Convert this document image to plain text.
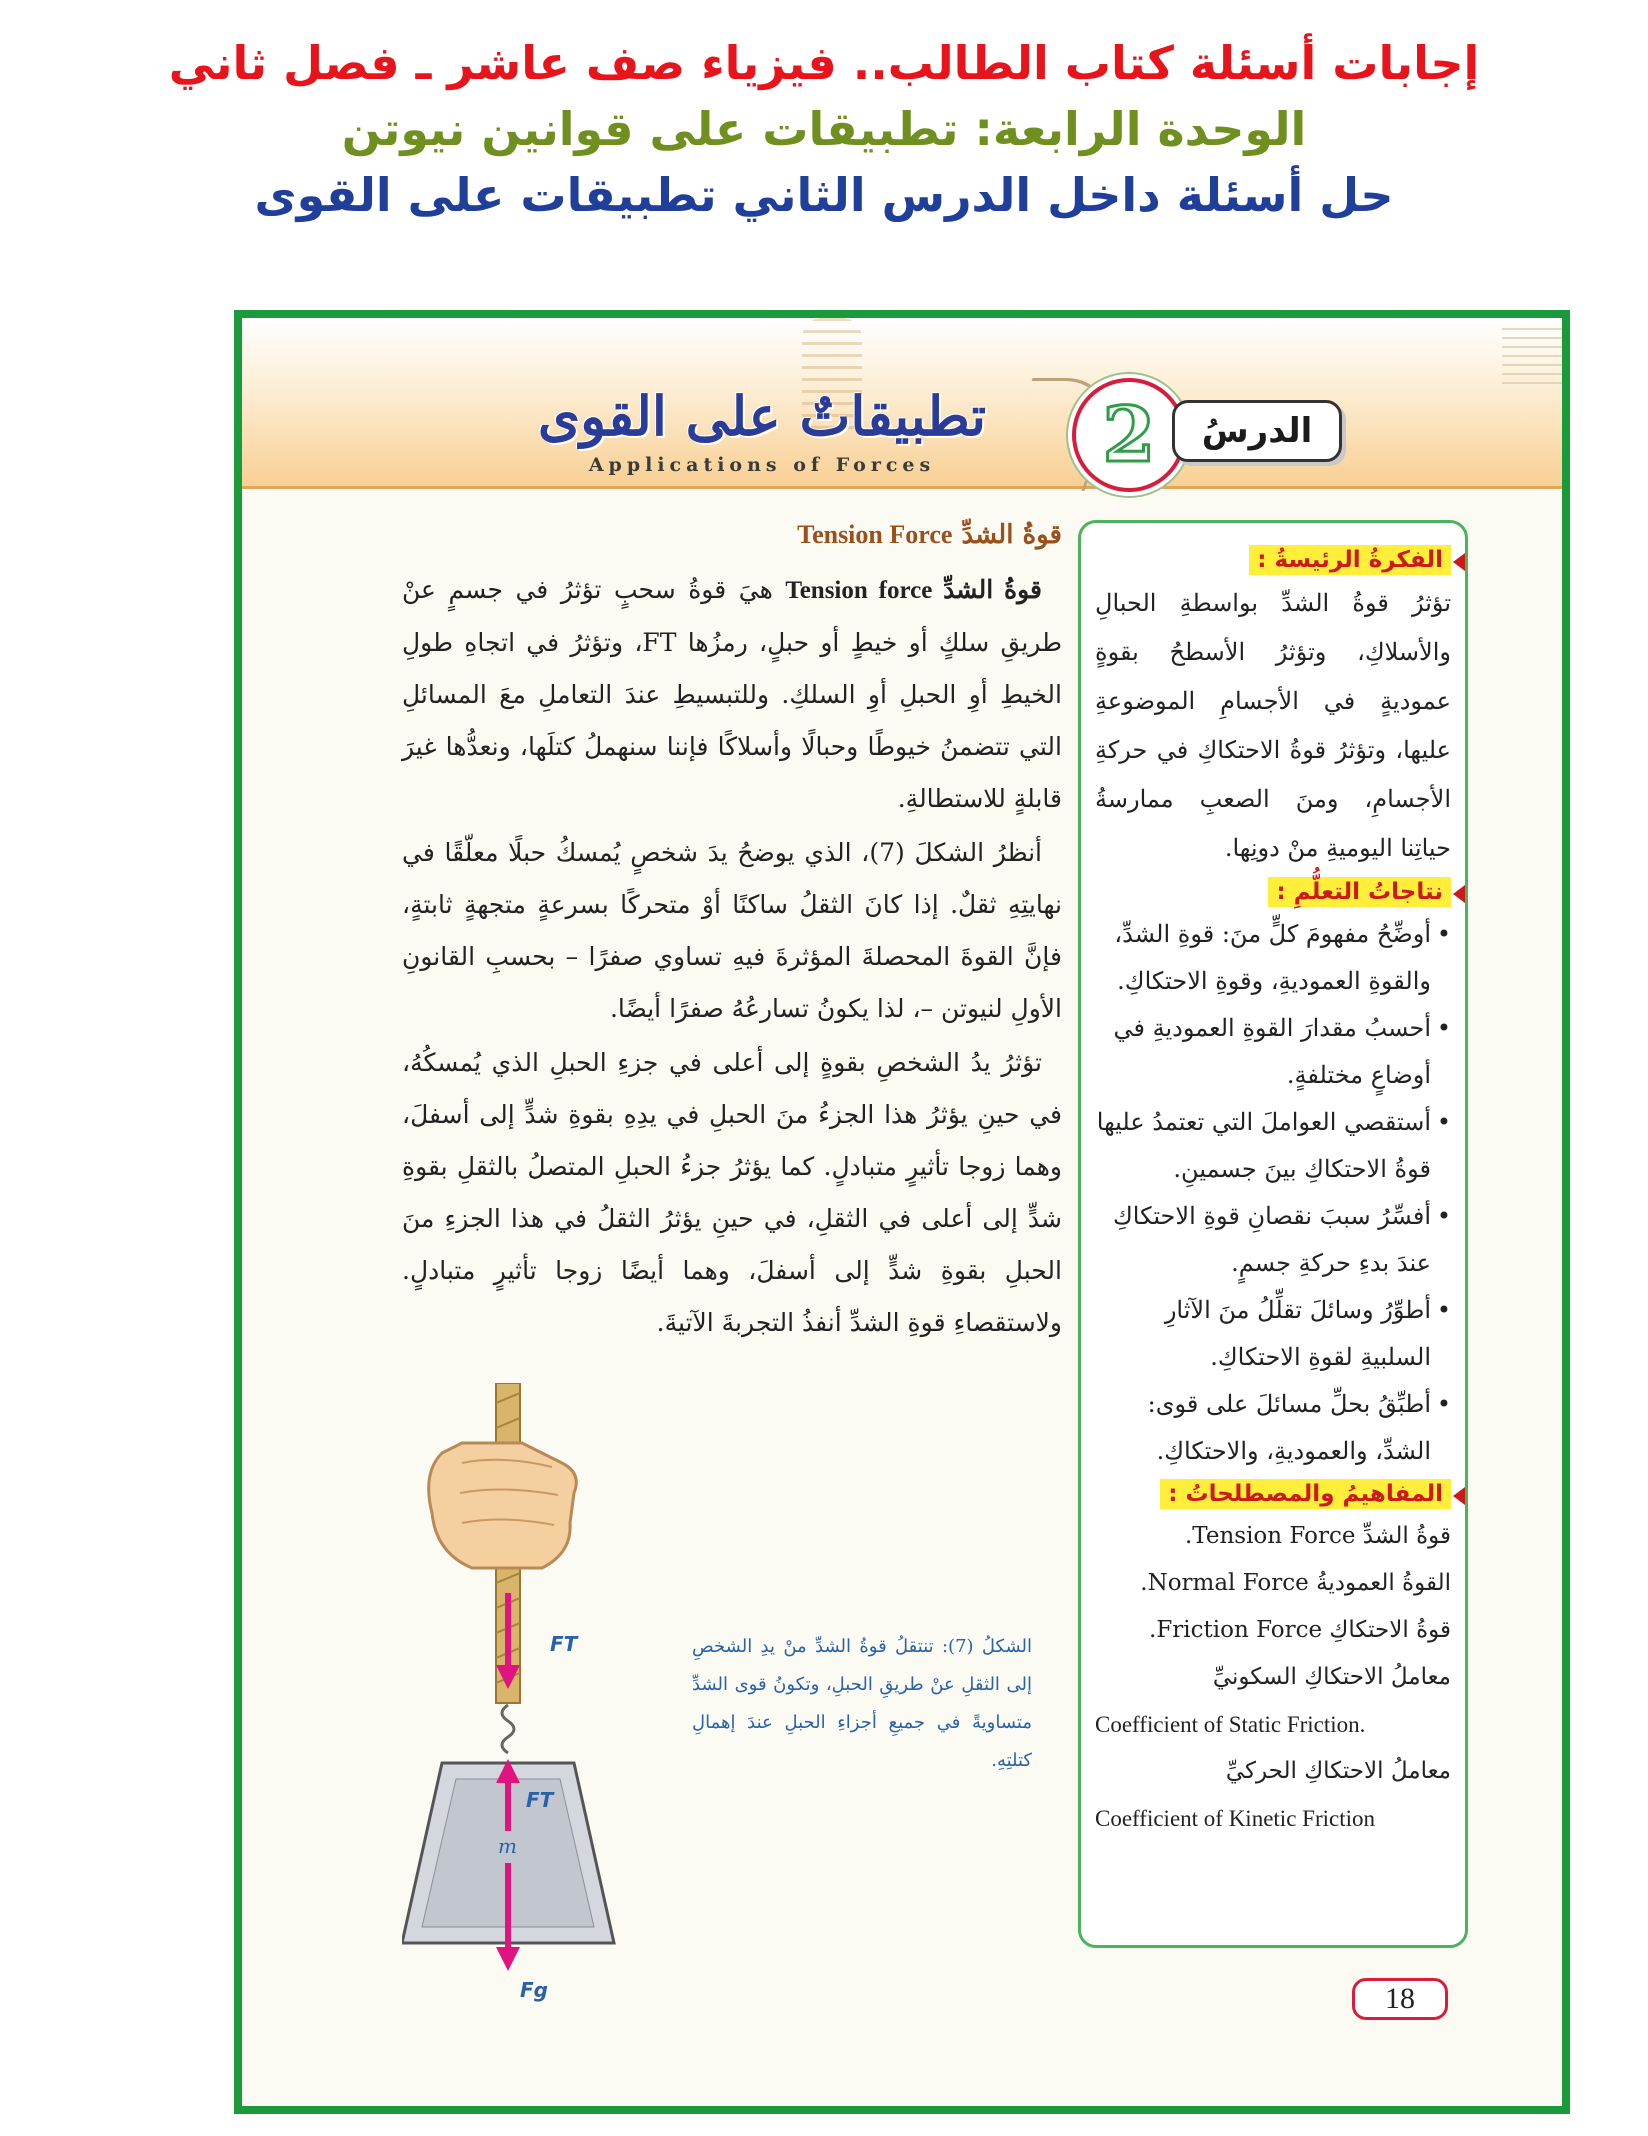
إجابات أسئلة كتاب الطالب.. فيزياء صف عاشر ـ فصل ثاني
الوحدة الرابعة: تطبيقات على قوانين نيوتن
حل أسئلة داخل الدرس الثاني تطبيقات على القوى
تطبيقاتٌ على القوى
Applications of Forces	2	الدرسُ
الفكرةُ الرئيسةُ :
تؤثرُ قوةُ الشدِّ بواسطةِ الحبالِ والأسلاكِ، وتؤثرُ الأسطحُ بقوةٍ عموديةٍ في الأجسامِ الموضوعةِ عليها، وتؤثرُ قوةُ الاحتكاكِ في حركةِ الأجسامِ، ومنَ الصعبِ ممارسةُ حياتِنا اليوميةِ منْ دونِها.
نتاجاتُ التعلُّمِ :
• أوضِّحُ مفهومَ كلٍّ منَ: قوةِ الشدِّ، والقوةِ العموديةِ، وقوةِ الاحتكاكِ.
• أحسبُ مقدارَ القوةِ العموديةِ في أوضاعٍ مختلفةٍ.
• أستقصي العواملَ التي تعتمدُ عليها قوةُ الاحتكاكِ بينَ جسمينِ.
• أفسِّرُ سببَ نقصانِ قوةِ الاحتكاكِ عندَ بدءِ حركةِ جسمٍ.
• أطوِّرُ وسائلَ تقلِّلُ منَ الآثارِ السلبيةِ لقوةِ الاحتكاكِ.
• أطبِّقُ بحلِّ مسائلَ على قوى: الشدِّ، والعموديةِ، والاحتكاكِ.
المفاهيمُ والمصطلحاتُ :
قوةُ الشدِّ Tension Force.
القوةُ العموديةُ Normal Force.
قوةُ الاحتكاكِ Friction Force.
معاملُ الاحتكاكِ السكونيِّ
Coefficient of Static Friction.
معاملُ الاحتكاكِ الحركيِّ
Coefficient of Kinetic Friction
قوةُ الشدِّ Tension Force

قوةُ الشدِّ Tension force هيَ قوةُ سحبٍ تؤثرُ في جسمٍ عنْ طريقِ سلكٍ أو خيطٍ أو حبلٍ، رمزُها FT، وتؤثرُ في اتجاهِ طولِ الخيطِ أوِ الحبلِ أوِ السلكِ. وللتبسيطِ عندَ التعاملِ معَ المسائلِ التي تتضمنُ خيوطًا وحبالًا وأسلاكًا فإننا سنهملُ كتلَها، ونعدُّها غيرَ قابلةٍ للاستطالةِ.

أنظرُ الشكلَ (7)، الذي يوضحُ يدَ شخصٍ يُمسكُ حبلًا معلّقًا في نهايتِهِ ثقلٌ. إذا كانَ الثقلُ ساكنًا أوْ متحركًا بسرعةٍ متجهةٍ ثابتةٍ، فإنَّ القوةَ المحصلةَ المؤثرةَ فيهِ تساوي صفرًا – بحسبِ القانونِ الأولِ لنيوتن –، لذا يكونُ تسارعُهُ صفرًا أيضًا.

تؤثرُ يدُ الشخصِ بقوةٍ إلى أعلى في جزءِ الحبلِ الذي يُمسكُهُ، في حينِ يؤثرُ هذا الجزءُ منَ الحبلِ في يدِهِ بقوةِ شدٍّ إلى أسفلَ، وهما زوجا تأثيرٍ متبادلٍ. كما يؤثرُ جزءُ الحبلِ المتصلُ بالثقلِ بقوةِ شدٍّ إلى أعلى في الثقلِ، في حينِ يؤثرُ الثقلُ في هذا الجزءِ منَ الحبلِ بقوةِ شدٍّ إلى أسفلَ، وهما أيضًا زوجا تأثيرٍ متبادلٍ. ولاستقصاءِ قوةِ الشدِّ أنفذُ التجربةَ الآتيةَ.

FT
FT
m
Fg
الشكلُ (7): تنتقلُ قوةُ الشدِّ منْ يدِ الشخصِ إلى الثقلِ عنْ طريقِ الحبلِ، وتكونُ قوى الشدِّ متساويةً في جميعِ أجزاءِ الحبلِ عندَ إهمالِ كتلتِهِ.
18
